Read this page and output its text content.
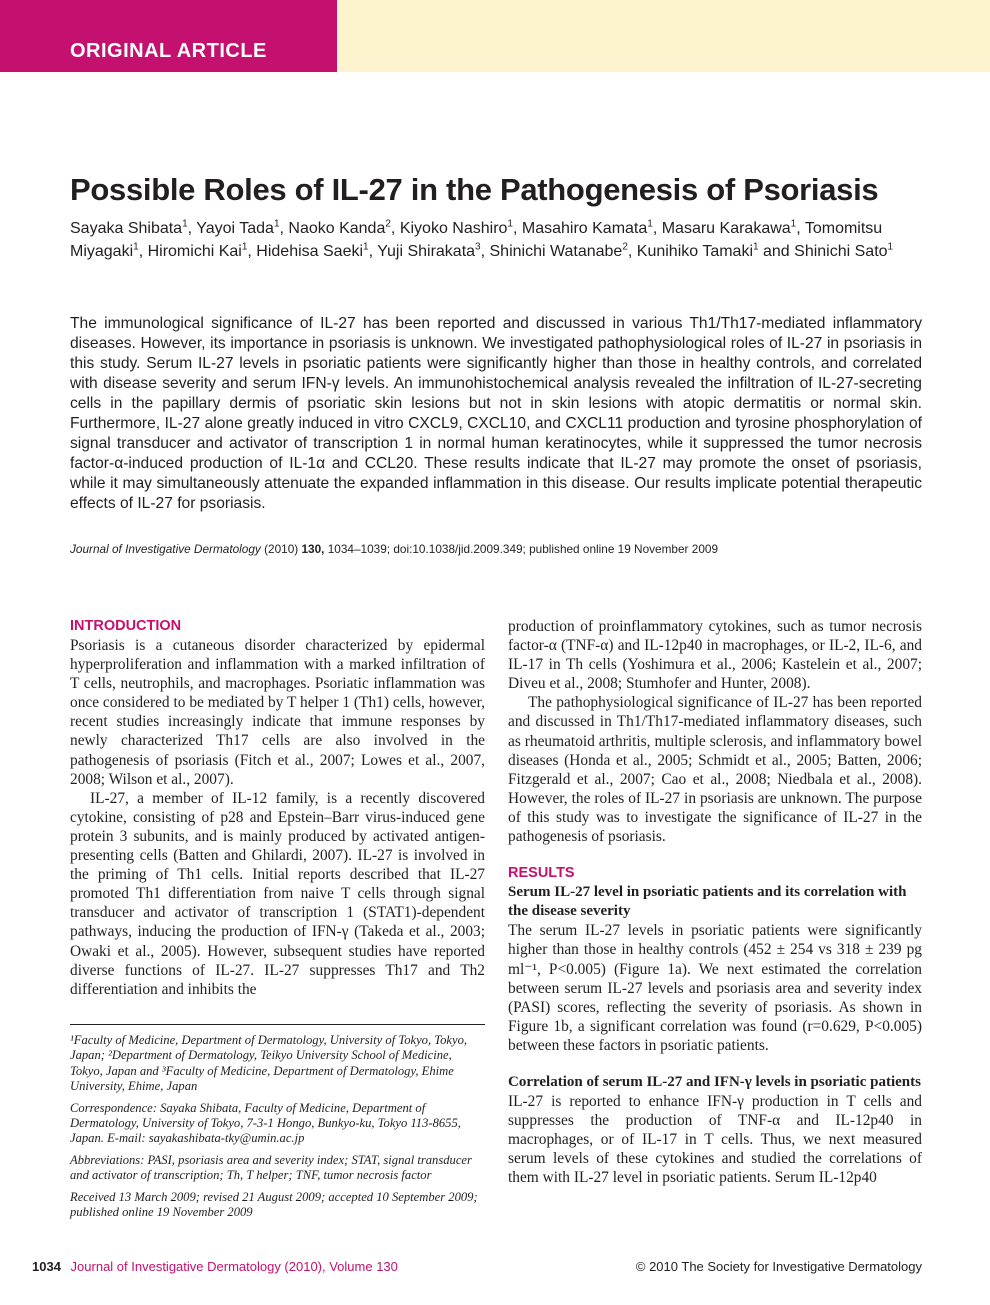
ORIGINAL ARTICLE
Possible Roles of IL-27 in the Pathogenesis of Psoriasis
Sayaka Shibata$^1$, Yayoi Tada$^1$, Naoko Kanda$^2$, Kiyoko Nashiro$^1$, Masahiro Kamata$^1$, Masaru Karakawa$^1$, Tomomitsu Miyagaki$^1$, Hiromichi Kai$^1$, Hidehisa Saeki$^1$, Yuji Shirakata$^3$, Shinichi Watanabe$^2$, Kunihiko Tamaki$^1$ and Shinichi Sato$^1$

The immunological significance of IL-27 has been reported and discussed in various Th1/Th17-mediated inflammatory diseases. However, its importance in psoriasis is unknown. We investigated pathophysiological roles of IL-27 in psoriasis in this study. Serum IL-27 levels in psoriatic patients were significantly higher than those in healthy controls, and correlated with disease severity and serum IFN-γ levels. An immunohistochemical analysis revealed the infiltration of IL-27-secreting cells in the papillary dermis of psoriatic skin lesions but not in skin lesions with atopic dermatitis or normal skin. Furthermore, IL-27 alone greatly induced in vitro CXCL9, CXCL10, and CXCL11 production and tyrosine phosphorylation of signal transducer and activator of transcription 1 in normal human keratinocytes, while it suppressed the tumor necrosis factor-α-induced production of IL-1α and CCL20. These results indicate that IL-27 may promote the onset of psoriasis, while it may simultaneously attenuate the expanded inflammation in this disease. Our results implicate potential therapeutic effects of IL-27 for psoriasis.

Journal of Investigative Dermatology (2010) 130, 1034–1039; doi:10.1038/jid.2009.349; published online 19 November 2009
INTRODUCTION

Psoriasis is a cutaneous disorder characterized by epidermal hyperproliferation and inflammation with a marked infiltration of T cells, neutrophils, and macrophages. Psoriatic inflammation was once considered to be mediated by T helper 1 (Th1) cells, however, recent studies increasingly indicate that immune responses by newly characterized Th17 cells are also involved in the pathogenesis of psoriasis (Fitch et al., 2007; Lowes et al., 2007, 2008; Wilson et al., 2007).

IL-27, a member of IL-12 family, is a recently discovered cytokine, consisting of p28 and Epstein–Barr virus-induced gene protein 3 subunits, and is mainly produced by activated antigen-presenting cells (Batten and Ghilardi, 2007). IL-27 is involved in the priming of Th1 cells. Initial reports described that IL-27 promoted Th1 differentiation from naive T cells through signal transducer and activator of transcription 1 (STAT1)-dependent pathways, inducing the production of IFN-γ (Takeda et al., 2003; Owaki et al., 2005). However, subsequent studies have reported diverse functions of IL-27. IL-27 suppresses Th17 and Th2 differentiation and inhibits the

production of proinflammatory cytokines, such as tumor necrosis factor-α (TNF-α) and IL-12p40 in macrophages, or IL-2, IL-6, and IL-17 in Th cells (Yoshimura et al., 2006; Kastelein et al., 2007; Diveu et al., 2008; Stumhofer and Hunter, 2008).

The pathophysiological significance of IL-27 has been reported and discussed in Th1/Th17-mediated inflammatory diseases, such as rheumatoid arthritis, multiple sclerosis, and inflammatory bowel diseases (Honda et al., 2005; Schmidt et al., 2005; Batten, 2006; Fitzgerald et al., 2007; Cao et al., 2008; Niedbala et al., 2008). However, the roles of IL-27 in psoriasis are unknown. The purpose of this study was to investigate the significance of IL-27 in the pathogenesis of psoriasis.

RESULTS
Serum IL-27 level in psoriatic patients and its correlation with the disease severity

The serum IL-27 levels in psoriatic patients were significantly higher than those in healthy controls (452 ± 254 vs 318 ± 239 pg ml⁻¹, P<0.005) (Figure 1a). We next estimated the correlation between serum IL-27 levels and psoriasis area and severity index (PASI) scores, reflecting the severity of psoriasis. As shown in Figure 1b, a significant correlation was found (r=0.629, P<0.005) between these factors in psoriatic patients.

Correlation of serum IL-27 and IFN-γ levels in psoriatic patients

IL-27 is reported to enhance IFN-γ production in T cells and suppresses the production of TNF-α and IL-12p40 in macrophages, or of IL-17 in T cells. Thus, we next measured serum levels of these cytokines and studied the correlations of them with IL-27 level in psoriatic patients. Serum IL-12p40

¹Faculty of Medicine, Department of Dermatology, University of Tokyo, Tokyo, Japan; ²Department of Dermatology, Teikyo University School of Medicine, Tokyo, Japan and ³Faculty of Medicine, Department of Dermatology, Ehime University, Ehime, Japan

Correspondence: Sayaka Shibata, Faculty of Medicine, Department of Dermatology, University of Tokyo, 7-3-1 Hongo, Bunkyo-ku, Tokyo 113-8655, Japan. E-mail: sayakashibata-tky@umin.ac.jp

Abbreviations: PASI, psoriasis area and severity index; STAT, signal transducer and activator of transcription; Th, T helper; TNF, tumor necrosis factor

Received 13 March 2009; revised 21 August 2009; accepted 10 September 2009; published online 19 November 2009

1034 Journal of Investigative Dermatology (2010), Volume 130	© 2010 The Society for Investigative Dermatology
